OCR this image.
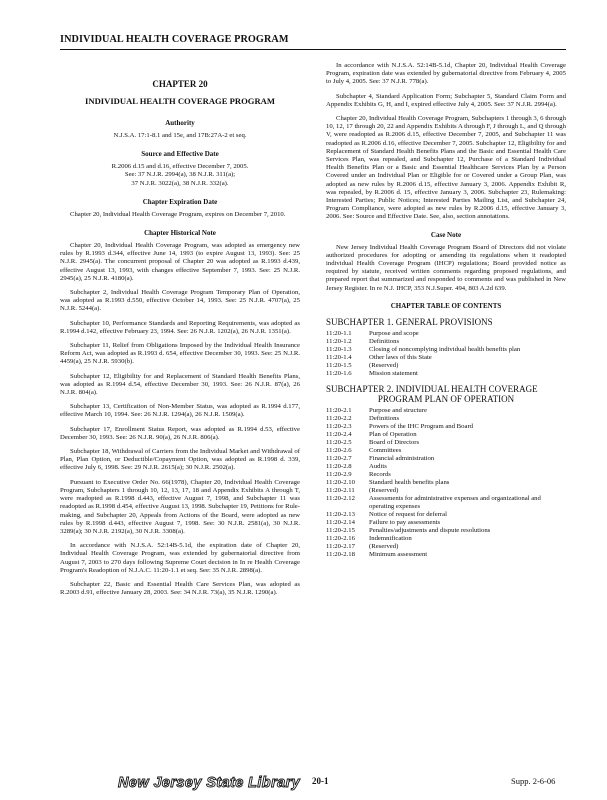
INDIVIDUAL HEALTH COVERAGE PROGRAM
CHAPTER 20
INDIVIDUAL HEALTH COVERAGE PROGRAM
Authority
N.J.S.A. 17:1-8.1 and 15e, and 17B:27A-2 et seq.
Source and Effective Date
R.2006 d.15 and d.16, effective December 7, 2005.
See: 37 N.J.R. 2994(a), 38 N.J.R. 311(a);
37 N.J.R. 3022(a), 38 N.J.R. 332(a).
Chapter Expiration Date

Chapter 20, Individual Health Coverage Program, expires on December 7, 2010.

Chapter Historical Note

Chapter 20, Individual Health Coverage Program, was adopted as emergency new rules by R.1993 d.344, effective June 14, 1993 (to expire August 13, 1993). See: 25 N.J.R. 2945(a). The concurrent proposal of Chapter 20 was adopted as R.1993 d.439, effective August 13, 1993, with changes effective September 7, 1993. See: 25 N.J.R. 2945(a), 25 N.J.R. 4180(a).

Subchapter 2, Individual Health Coverage Program Temporary Plan of Operation, was adopted as R.1993 d.550, effective October 14, 1993. See: 25 N.J.R. 4707(a), 25 N.J.R. 5244(a).

Subchapter 10, Performance Standards and Reporting Requirements, was adopted as R.1994 d.142, effective February 23, 1994. See: 26 N.J.R. 1202(a), 26 N.J.R. 1351(a).

Subchapter 11, Relief from Obligations Imposed by the Individual Health Insurance Reform Act, was adopted as R.1993 d. 654, effective December 30, 1993. See: 25 N.J.R. 4459(a), 25 N.J.R. 5930(b).

Subchapter 12, Eligibility for and Replacement of Standard Health Benefits Plans, was adopted as R.1994 d.54, effective December 30, 1993. See: 26 N.J.R. 87(a), 26 N.J.R. 804(a).

Subchapter 13, Certification of Non-Member Status, was adopted as R.1994 d.177, effective March 10, 1994. See: 26 N.J.R. 1294(a), 26 N.J.R. 1509(a).

Subchapter 17, Enrollment Status Report, was adopted as R.1994 d.53, effective December 30, 1993. See: 26 N.J.R. 90(a), 26 N.J.R. 806(a).

Subchapter 18, Withdrawal of Carriers from the Individual Market and Withdrawal of Plan, Plan Option, or Deductible/Copayment Option, was adopted as R.1998 d. 339, effective July 6, 1998. See: 29 N.J.R. 2615(a); 30 N.J.R. 2502(a).

Pursuant to Executive Order No. 66(1978), Chapter 20, Individual Health Coverage Program, Subchapters 1 through 10, 12, 13, 17, 18 and Appendix Exhibits A through T, were readopted as R.1998 d.443, effective August 7, 1998, and Subchapter 11 was readopted as R.1998 d.454, effective August 13, 1998. Subchapter 19, Petitions for Rule-making, and Subchapter 20, Appeals from Actions of the Board, were adopted as new rules by R.1998 d.443, effective August 7, 1998. See: 30 N.J.R. 2581(a), 30 N.J.R. 3289(a); 30 N.J.R. 2192(a), 30 N.J.R. 3308(a).

In accordance with N.J.S.A. 52:14B-5.1d, the expiration date of Chapter 20, Individual Health Coverage Program, was extended by gubernatorial directive from August 7, 2003 to 270 days following Supreme Court decision in In re Health Coverage Program's Readoption of N.J.A.C. 11:20-1.1 et seq. See: 35 N.J.R. 2898(a).

Subchapter 22, Basic and Essential Health Care Services Plan, was adopted as R.2003 d.91, effective January 28, 2003. See: 34 N.J.R. 73(a), 35 N.J.R. 1290(a).

In accordance with N.J.S.A. 52:14B-5.1d, Chapter 20, Individual Health Coverage Program, expiration date was extended by gubernatorial directive from February 4, 2005 to July 4, 2005. See: 37 N.J.R. 778(a).

Subchapter 4, Standard Application Form; Subchapter 5, Standard Claim Form and Appendix Exhibits G, H, and I, expired effective July 4, 2005. See: 37 N.J.R. 2994(a).

Chapter 20, Individual Health Coverage Program, Subchapters 1 through 3, 6 through 10, 12, 17 through 20, 22 and Appendix Exhibits A through F, J through L, and Q through V, were readopted as R.2006 d.15, effective December 7, 2005, and Subchapter 11 was readopted as R.2006 d.16, effective December 7, 2005. Subchapter 12, Eligibility for and Replacement of Standard Health Benefits Plans and the Basic and Essential Health Care Services Plan, was repealed, and Subchapter 12, Purchase of a Standard Individual Health Benefits Plan or a Basic and Essential Healthcare Services Plan by a Person Covered under an Individual Plan or Eligible for or Covered under a Group Plan, was adopted as new rules by R.2006 d.15, effective January 3, 2006. Appendix Exhibit R, was repealed, by R.2006 d. 15, effective January 3, 2006. Subchapter 23, Rulemaking: Interested Parties; Public Notices; Interested Parties Mailing List, and Subchapter 24, Program Compliance, were adopted as new rules by R.2006 d.15, effective January 3, 2006. See: Source and Effective Date. See, also, section annotations.

Case Note

New Jersey Individual Health Coverage Program Board of Directors did not violate authorized procedures for adopting or amending its regulations when it readopted individual Health Coverage Program (IHCP) regulations; Board provided notice as required by statute, received written comments regarding proposed regulations, and prepared report that summarized and responded to comments and was published in New Jersey Register. In re N.J. IHCP, 353 N.J.Super. 494, 803 A.2d 639.

CHAPTER TABLE OF CONTENTS
SUBCHAPTER 1. GENERAL PROVISIONS
11:20-1.1	Purpose and scope
11:20-1.2	Definitions
11:20-1.3	Closing of noncomplying individual health benefits plan
11:20-1.4	Other laws of this State
11:20-1.5	(Reserved)
11:20-1.6	Mission statement
SUBCHAPTER 2. INDIVIDUAL HEALTH COVERAGE
PROGRAM PLAN OF OPERATION
11:20-2.1	Purpose and structure
11:20-2.2	Definitions
11:20-2.3	Powers of the IHC Program and Board
11:20-2.4	Plan of Operation
11:20-2.5	Board of Directors
11:20-2.6	Committees
11:20-2.7	Financial administration
11:20-2.8	Audits
11:20-2.9	Records
11:20-2.10	Standard health benefits plans
11:20-2.11	(Reserved)
11:20-2.12	Assessments for administrative expenses and organizational and operating expenses
11:20-2.13	Notice of request for deferral
11:20-2.14	Failure to pay assessments
11:20-2.15	Penalties/adjustments and dispute resolutions
11:20-2.16	Indemnification
11:20-2.17	(Reserved)
11:20-2.18	Minimum assessment
New Jersey State Library 20-1	Supp. 2-6-06
